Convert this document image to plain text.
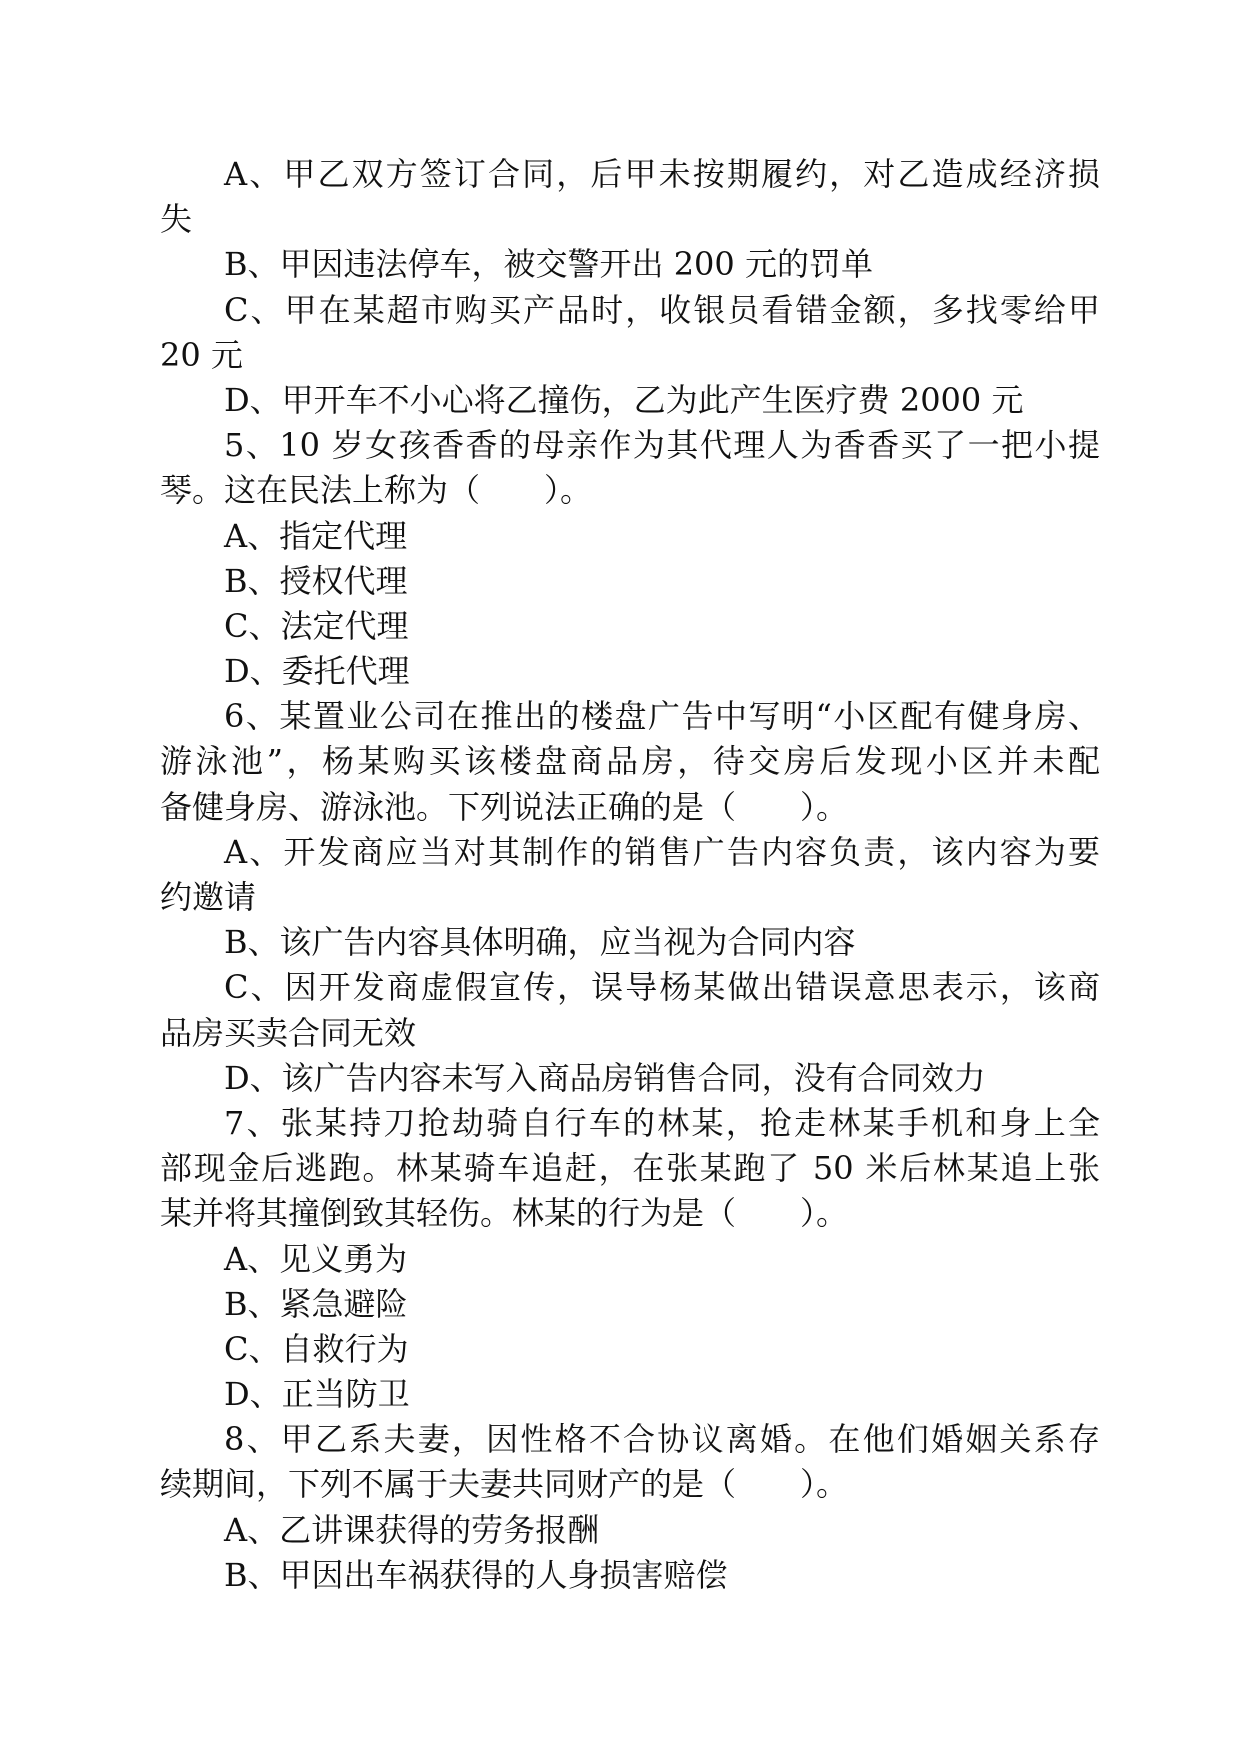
A、甲乙双方签订合同，后甲未按期履约，对乙造成经济损
失
B、甲因违法停车，被交警开出 200 元的罚单
C、甲在某超市购买产品时，收银员看错金额，多找零给甲
20 元
D、甲开车不小心将乙撞伤，乙为此产生医疗费 2000 元
5、10 岁女孩香香的母亲作为其代理人为香香买了一把小提
琴。这在民法上称为（　　）。
A、指定代理
B、授权代理
C、法定代理
D、委托代理
6、某置业公司在推出的楼盘广告中写明“小区配有健身房、
游泳池”，杨某购买该楼盘商品房，待交房后发现小区并未配
备健身房、游泳池。下列说法正确的是（　　）。
A、开发商应当对其制作的销售广告内容负责，该内容为要
约邀请
B、该广告内容具体明确，应当视为合同内容
C、因开发商虚假宣传，误导杨某做出错误意思表示，该商
品房买卖合同无效
D、该广告内容未写入商品房销售合同，没有合同效力
7、张某持刀抢劫骑自行车的林某，抢走林某手机和身上全
部现金后逃跑。林某骑车追赶，在张某跑了 50 米后林某追上张
某并将其撞倒致其轻伤。林某的行为是（　　）。
A、见义勇为
B、紧急避险
C、自救行为
D、正当防卫
8、甲乙系夫妻，因性格不合协议离婚。在他们婚姻关系存
续期间，下列不属于夫妻共同财产的是（　　）。
A、乙讲课获得的劳务报酬
B、甲因出车祸获得的人身损害赔偿
